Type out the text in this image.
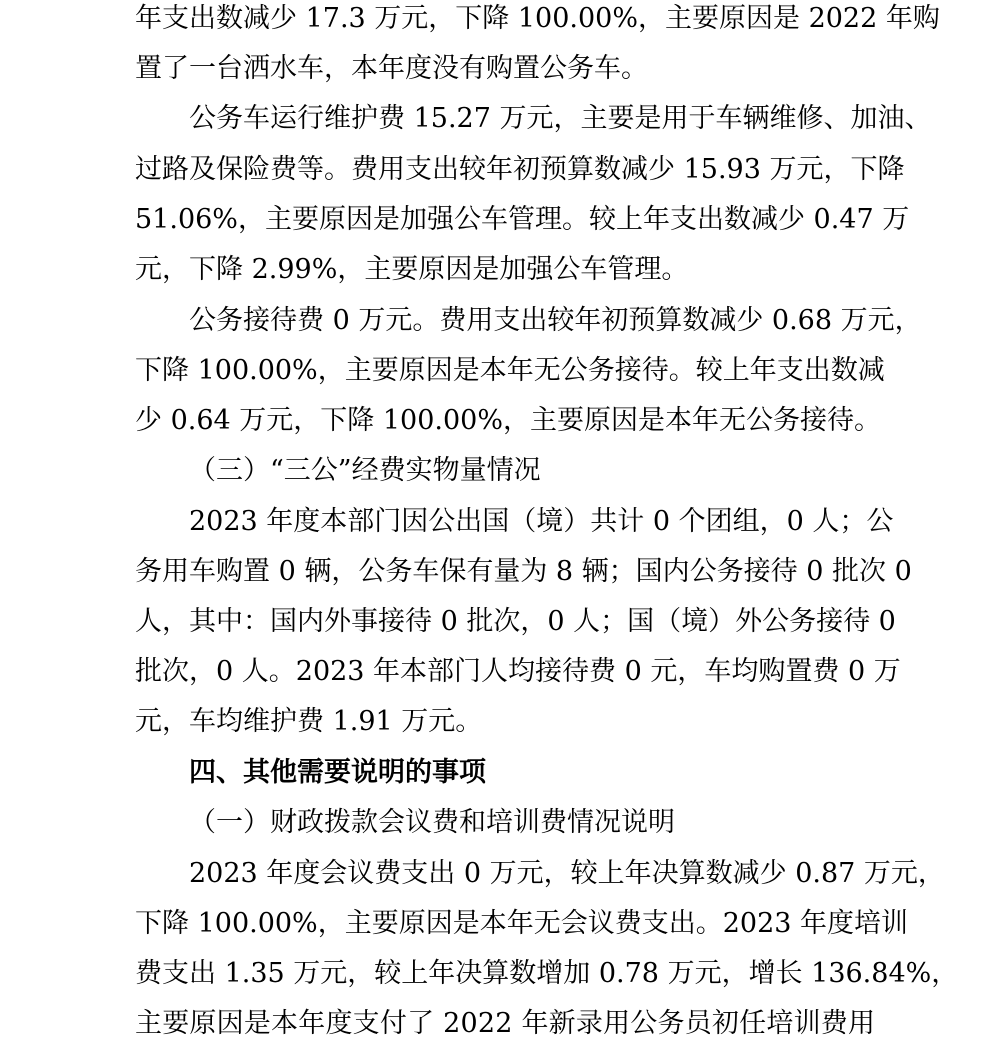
年支出数减少 17.3 万元，下降 100.00%，主要原因是 2022 年购
置了一台洒水车，本年度没有购置公务车。
公务车运行维护费 15.27 万元，主要是用于车辆维修、加油、
过路及保险费等。费用支出较年初预算数减少 15.93 万元，下降
51.06%，主要原因是加强公车管理。较上年支出数减少 0.47 万
元，下降 2.99%，主要原因是加强公车管理。
公务接待费 0 万元。费用支出较年初预算数减少 0.68 万元，
下降 100.00%，主要原因是本年无公务接待。较上年支出数减
少 0.64 万元，下降 100.00%，主要原因是本年无公务接待。
（三）“三公”经费实物量情况
2023 年度本部门因公出国（境）共计 0 个团组，0 人；公
务用车购置 0 辆，公务车保有量为 8 辆；国内公务接待 0 批次 0
人，其中：国内外事接待 0 批次，0 人；国（境）外公务接待 0
批次，0 人。2023 年本部门人均接待费 0 元，车均购置费 0 万
元，车均维护费 1.91 万元。
四、其他需要说明的事项
（一）财政拨款会议费和培训费情况说明
2023 年度会议费支出 0 万元，较上年决算数减少 0.87 万元，
下降 100.00%，主要原因是本年无会议费支出。2023 年度培训
费支出 1.35 万元，较上年决算数增加 0.78 万元，增长 136.84%，
主要原因是本年度支付了 2022 年新录用公务员初任培训费用
